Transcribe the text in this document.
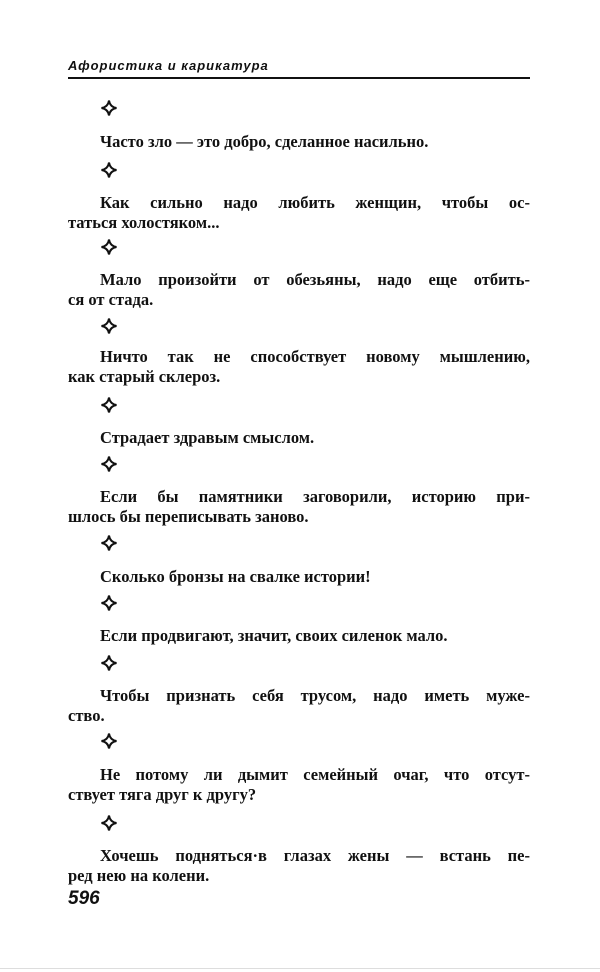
Афористика и карикатура
Часто зло — это добро, сделанное насильно.
Как сильно надо любить женщин, чтобы ос-
таться холостяком...
Мало произойти от обезьяны, надо еще отбить-
ся от стада.
Ничто так не способствует новому мышлению,
как старый склероз.
Страдает здравым смыслом.
Если бы памятники заговорили, историю при-
шлось бы переписывать заново.
Сколько бронзы на свалке истории!
Если продвигают, значит, своих силенок мало.
Чтобы признать себя трусом, надо иметь муже-
ство.
Не потому ли дымит семейный очаг, что отсут-
ствует тяга друг к другу?
Хочешь подняться·в глазах жены — встань пе-
ред нею на колени.
596
